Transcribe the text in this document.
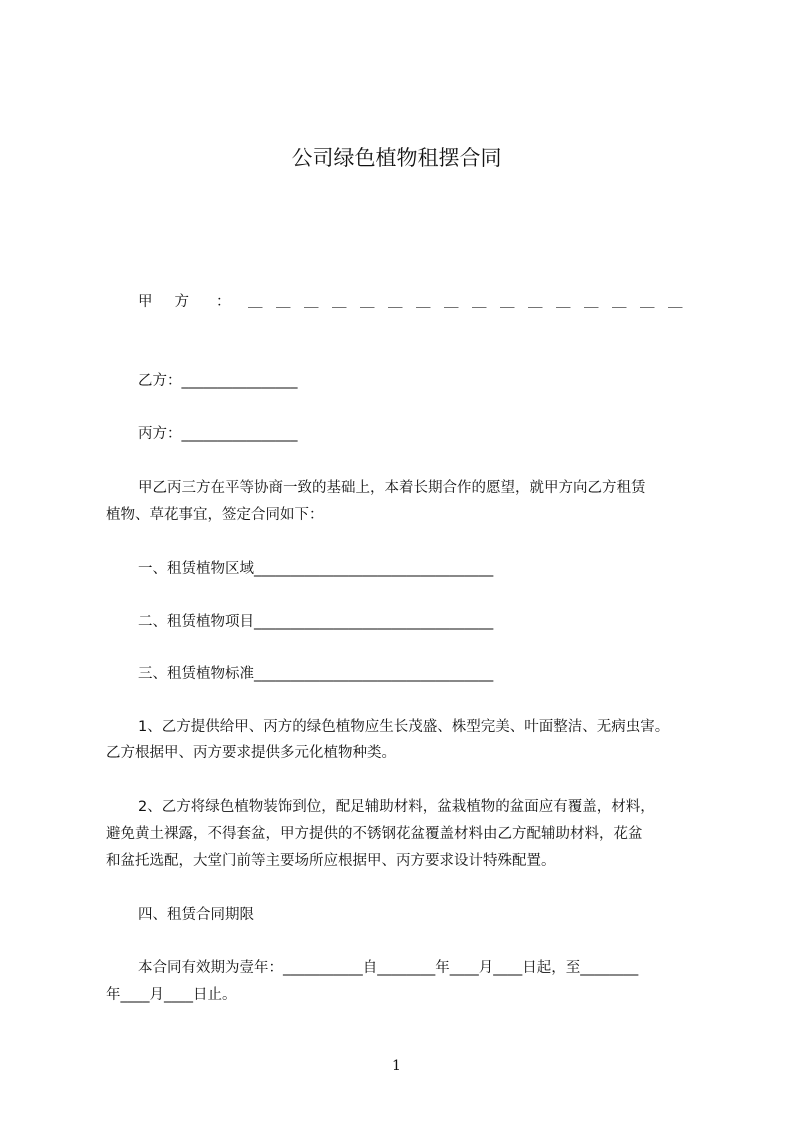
公司绿色植物租摆合同
甲方 ： ＿＿＿＿＿＿＿＿＿＿＿＿＿＿＿＿

乙方：________________

丙方：________________

甲乙丙三方在平等协商一致的基础上，本着长期合作的愿望，就甲方向乙方租赁

植物、草花事宜，签定合同如下：

一、租赁植物区域_________________________________

二、租赁植物项目_________________________________

三、租赁植物标准_________________________________

1、乙方提供给甲、丙方的绿色植物应生长茂盛、株型完美、叶面整洁、无病虫害。

乙方根据甲、丙方要求提供多元化植物种类。

2、乙方将绿色植物装饰到位，配足辅助材料，盆栽植物的盆面应有覆盖，材料，

避免黄土裸露，不得套盆，甲方提供的不锈钢花盆覆盖材料由乙方配辅助材料，花盆

和盆托选配，大堂门前等主要场所应根据甲、丙方要求设计特殊配置。

四、租赁合同期限

本合同有效期为壹年：___________自________年____月____日起，至________

年____月____日止。

1
